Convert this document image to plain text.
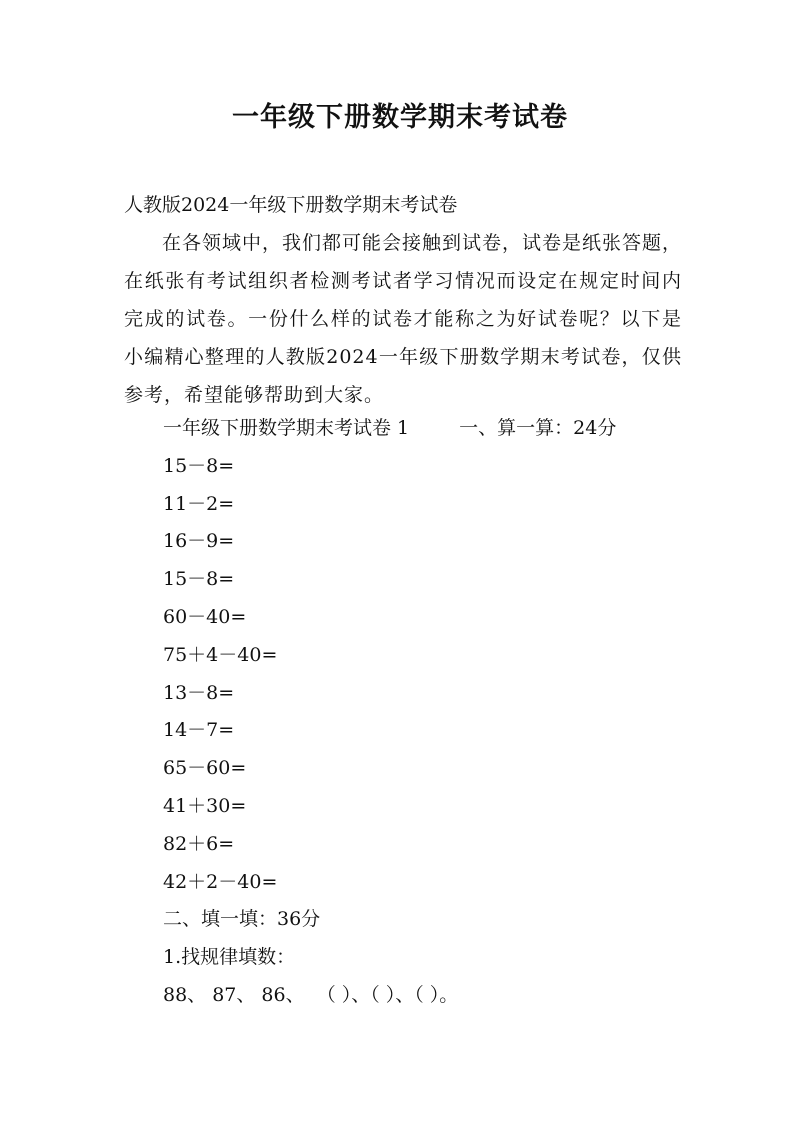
一年级下册数学期末考试卷
人教版2024一年级下册数学期末考试卷

在各领域中，我们都可能会接触到试卷，试卷是纸张答题，在纸张有考试组织者检测考试者学习情况而设定在规定时间内完成的试卷。一份什么样的试卷才能称之为好试卷呢？以下是小编精心整理的人教版2024一年级下册数学期末考试卷，仅供参考，希望能够帮助到大家。

一年级下册数学期末考试卷 1	一、算一算：24分
15－8=
11－2=
16－9=
15－8=
60－40=
75＋4－40=
13－8=
14－7=
65－60=
41＋30=
82＋6=
42＋2－40=
二、填一填：36分
1.找规律填数：
88、 87、 86、  （ ）、（ ）、（ ）。
